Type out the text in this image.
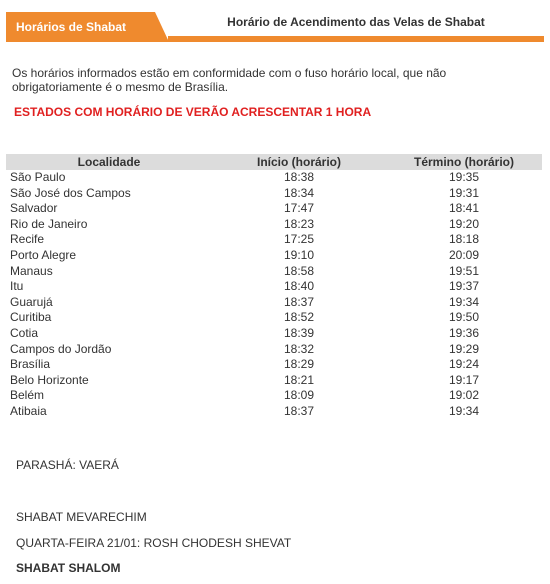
Horários de Shabat	Horário de Acendimento das Velas de Shabat
Os horários informados estão em conformidade com o fuso horário local, que não obrigatoriamente é o mesmo de Brasília.
ESTADOS COM HORÁRIO DE VERÃO ACRESCENTAR 1 HORA
Localidade	Início (horário)	Término (horário)
São Paulo	18:38	19:35
São José dos Campos	18:34	19:31
Salvador	17:47	18:41
Rio de Janeiro	18:23	19:20
Recife	17:25	18:18
Porto Alegre	19:10	20:09
Manaus	18:58	19:51
Itu	18:40	19:37
Guarujá	18:37	19:34
Curitiba	18:52	19:50
Cotia	18:39	19:36
Campos do Jordão	18:32	19:29
Brasília	18:29	19:24
Belo Horizonte	18:21	19:17
Belém	18:09	19:02
Atibaia	18:37	19:34
PARASHÁ: VAERÁ
SHABAT MEVARECHIM
QUARTA-FEIRA 21/01: ROSH CHODESH SHEVAT
SHABAT SHALOM
